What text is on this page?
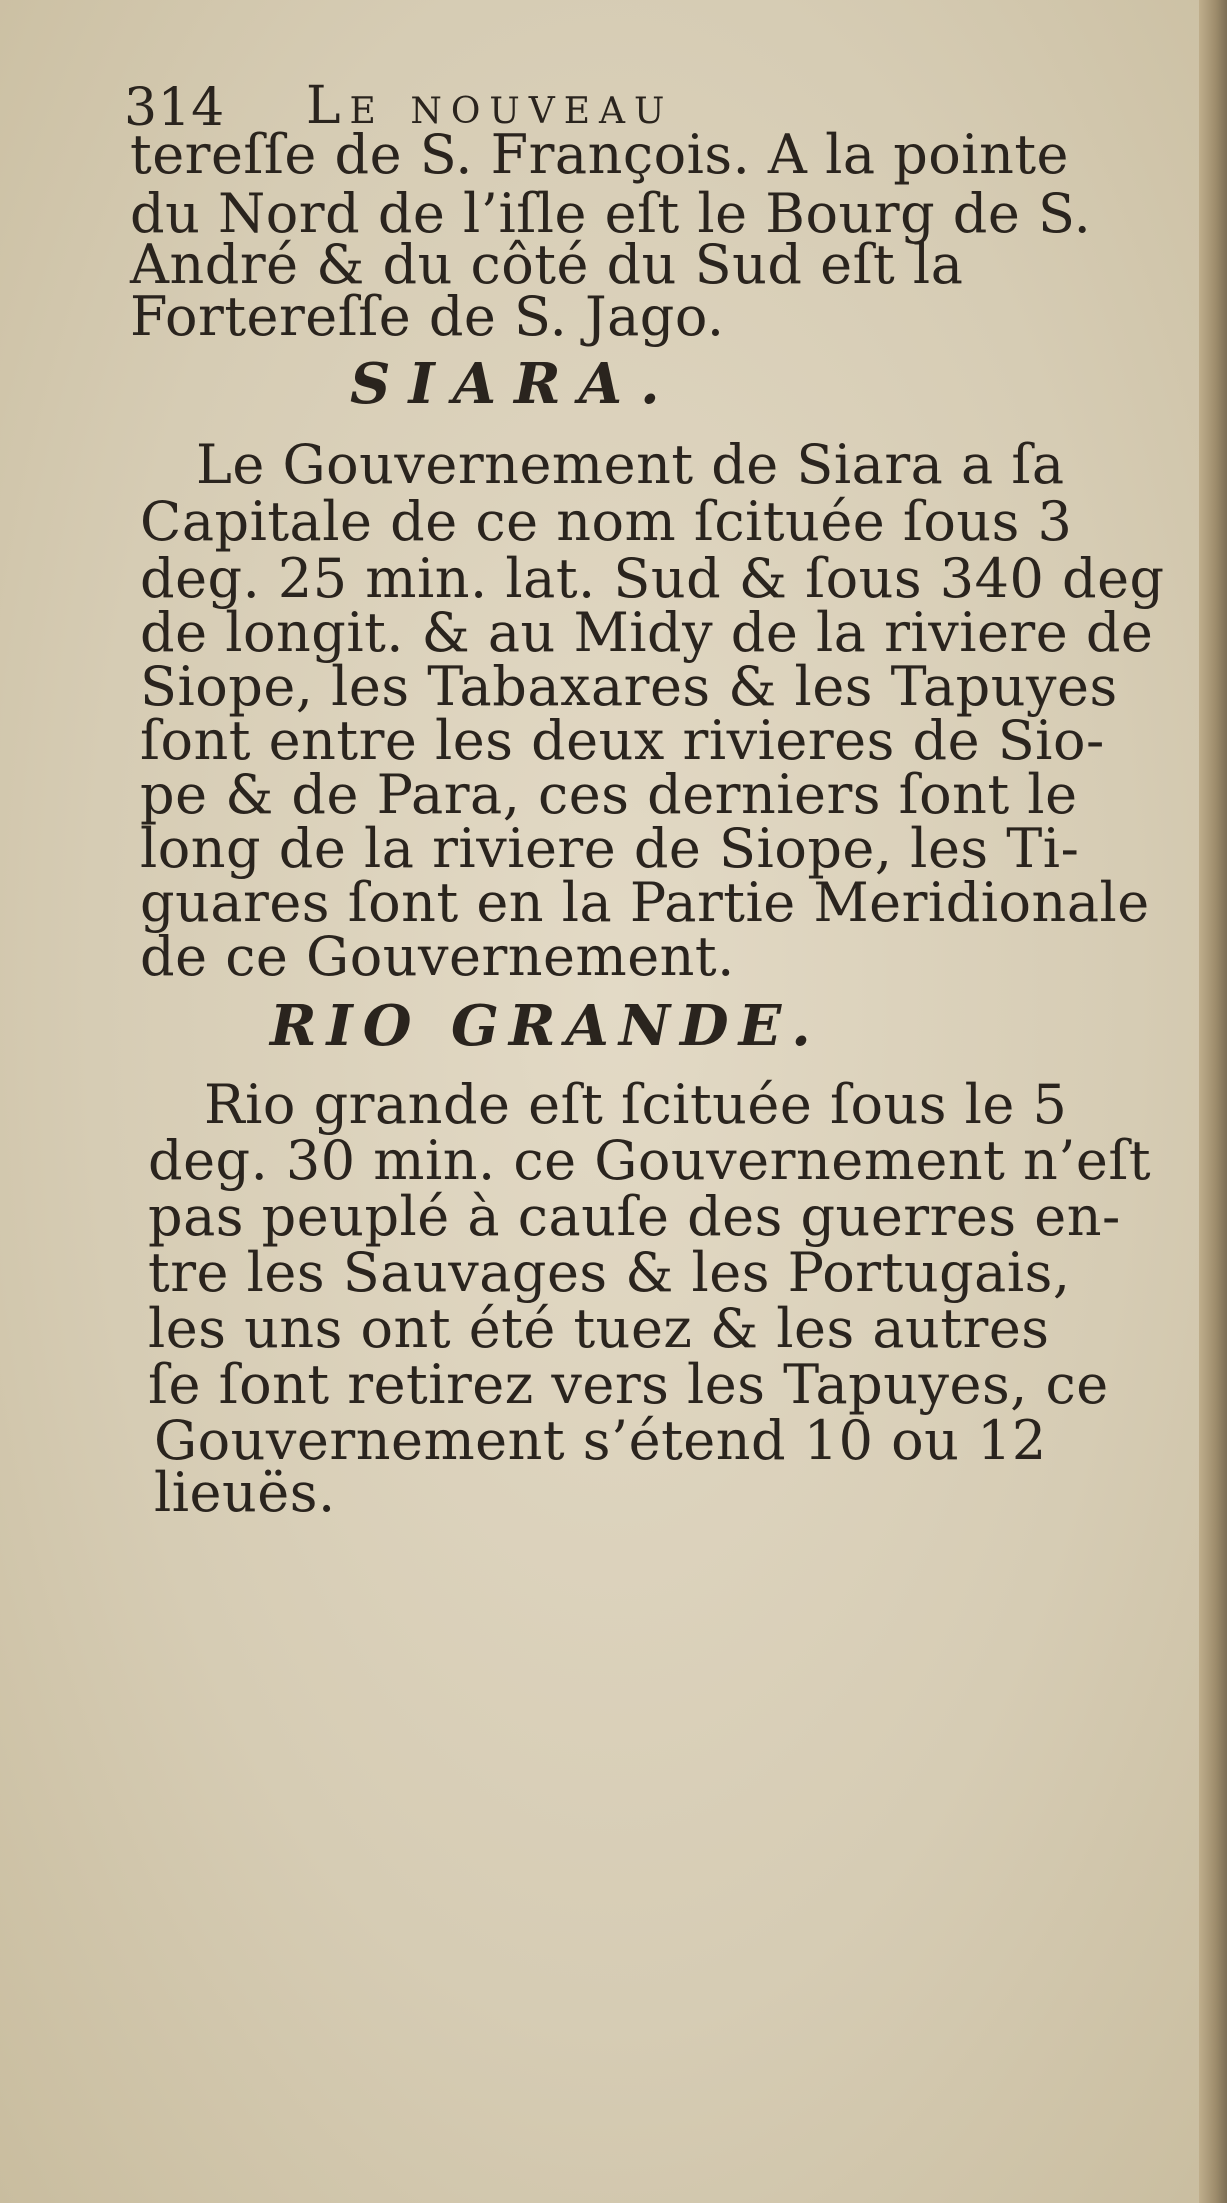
314 Le nouveau
tereſſe de S. François. A la pointe
du Nord de l’iſle eſt le Bourg de S.
André & du côté du Sud eſt la
Fortereſſe de S. Jago.
SIARA.
Le Gouvernement de Siara a ſa
Capitale de ce nom ſcituée ſous 3
deg. 25 min. lat. Sud & ſous 340 deg
de longit. & au Midy de la riviere de
Siope, les Tabaxares & les Tapuyes
ſont entre les deux rivieres de Sio-
pe & de Para, ces derniers ſont le
long de la riviere de Siope, les Ti-
guares ſont en la Partie Meridionale
de ce Gouvernement.
RIO GRANDE.
Rio grande eſt ſcituée ſous le 5
deg. 30 min. ce Gouvernement n’eſt
pas peuplé à cauſe des guerres en-
tre les Sauvages & les Portugais,
les uns ont été tuez & les autres
ſe ſont retirez vers les Tapuyes, ce
Gouvernement s’étend 10 ou 12
lieuës.
